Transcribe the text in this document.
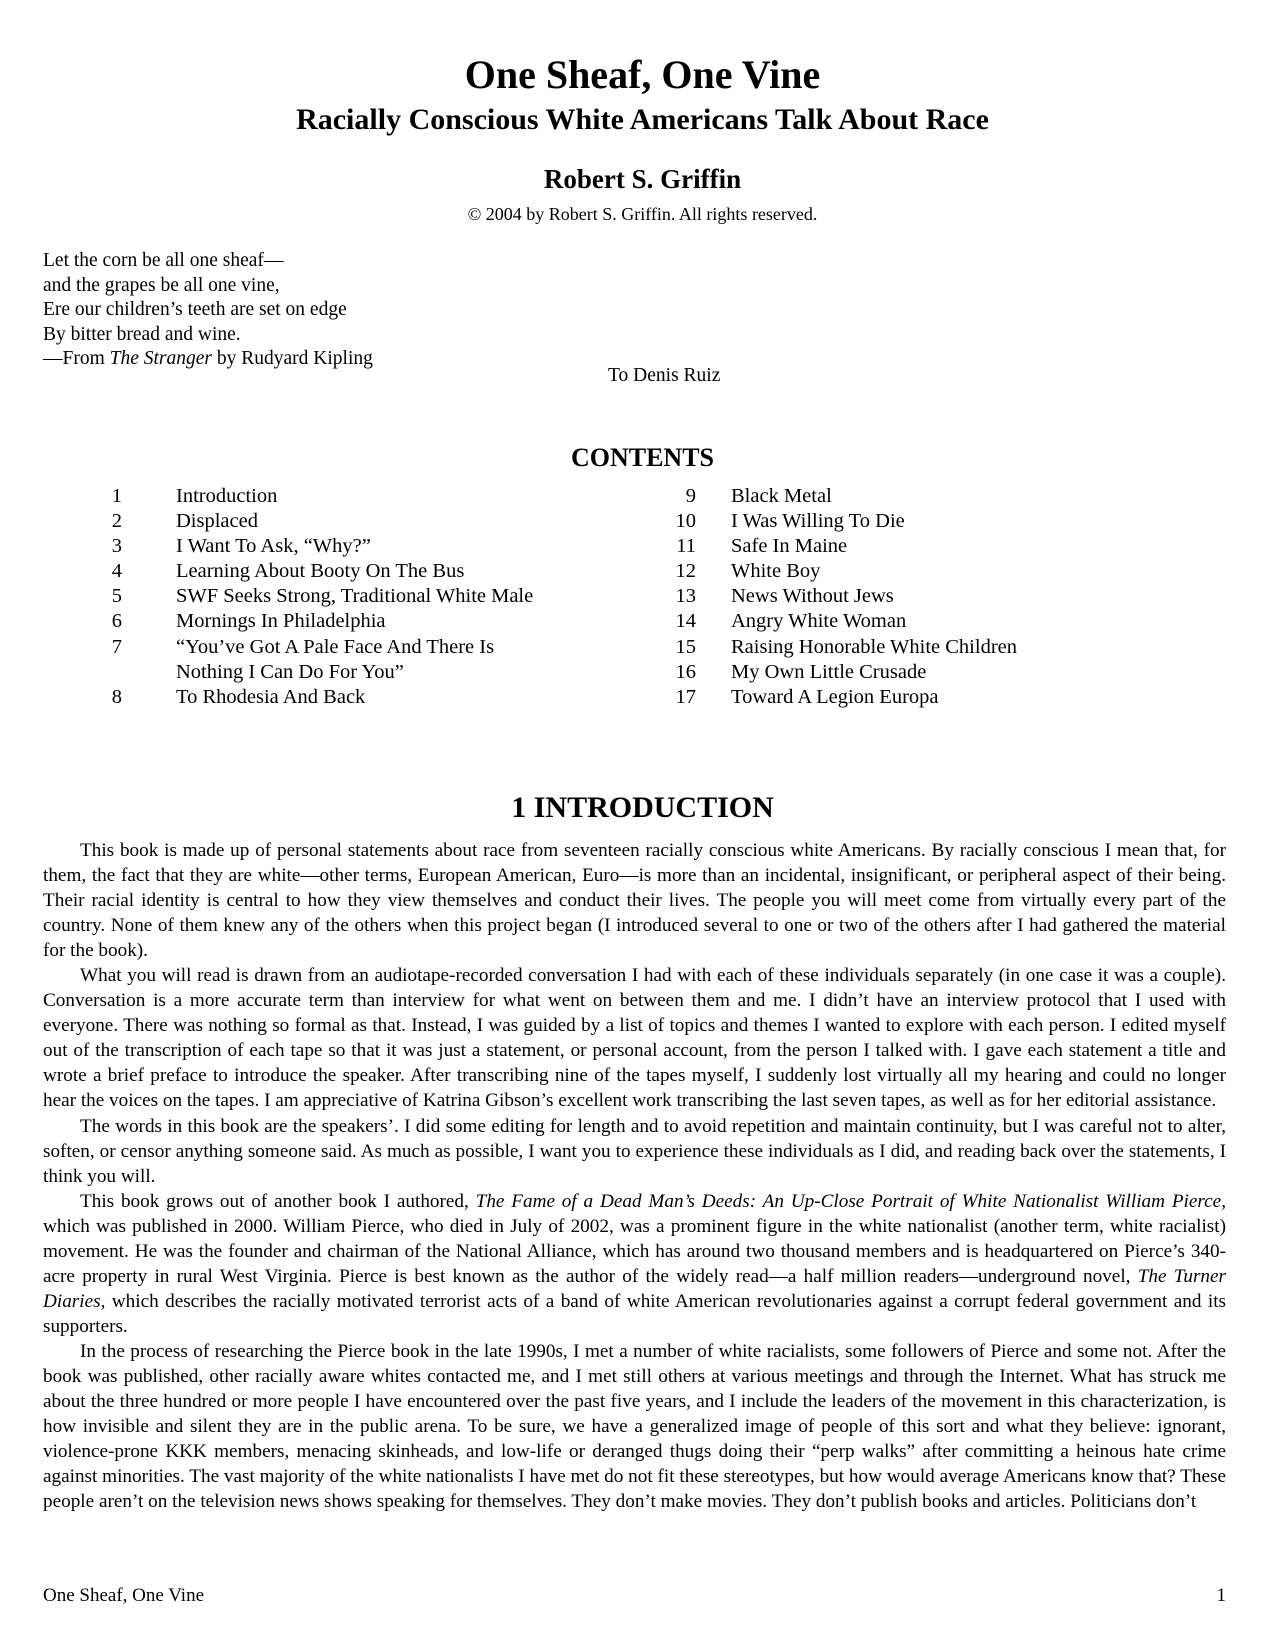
One Sheaf, One Vine
Racially Conscious White Americans Talk About Race
Robert S. Griffin
© 2004 by Robert S. Griffin. All rights reserved.
Let the corn be all one sheaf—
and the grapes be all one vine,
Ere our children’s teeth are set on edge
By bitter bread and wine.
—From The Stranger by Rudyard Kipling
To Denis Ruiz
CONTENTS
1	Introduction
2	Displaced
3	I Want To Ask, “Why?”
4	Learning About Booty On The Bus
5	SWF Seeks Strong, Traditional White Male
6	Mornings In Philadelphia
7	“You’ve Got A Pale Face And There Is
Nothing I Can Do For You”
8	To Rhodesia And Back
9 Black Metal
10 I Was Willing To Die
11 Safe In Maine
12 White Boy
13 News Without Jews
14 Angry White Woman
15 Raising Honorable White Children
16 My Own Little Crusade
17 Toward A Legion Europa
1 INTRODUCTION

This book is made up of personal statements about race from seventeen racially conscious white Americans. By racially conscious I mean that, for them, the fact that they are white—other terms, European American, Euro—is more than an incidental, insignificant, or peripheral aspect of their being. Their racial identity is central to how they view themselves and conduct their lives. The people you will meet come from virtually every part of the country. None of them knew any of the others when this project began (I introduced several to one or two of the others after I had gathered the material for the book).

What you will read is drawn from an audiotape-recorded conversation I had with each of these individuals separately (in one case it was a couple). Conversation is a more accurate term than interview for what went on between them and me. I didn’t have an interview protocol that I used with everyone. There was nothing so formal as that. Instead, I was guided by a list of topics and themes I wanted to explore with each person. I edited myself out of the transcription of each tape so that it was just a statement, or personal account, from the person I talked with. I gave each statement a title and wrote a brief preface to introduce the speaker. After transcribing nine of the tapes myself, I suddenly lost virtually all my hearing and could no longer hear the voices on the tapes. I am appreciative of Katrina Gibson’s excellent work transcribing the last seven tapes, as well as for her editorial assistance.

The words in this book are the speakers’. I did some editing for length and to avoid repetition and maintain continuity, but I was careful not to alter, soften, or censor anything someone said. As much as possible, I want you to experience these individuals as I did, and reading back over the statements, I think you will.

This book grows out of another book I authored, The Fame of a Dead Man’s Deeds: An Up-Close Portrait of White Nationalist William Pierce, which was published in 2000. William Pierce, who died in July of 2002, was a prominent figure in the white nationalist (another term, white racialist) movement. He was the founder and chairman of the National Alliance, which has around two thousand members and is headquartered on Pierce’s 340-acre property in rural West Virginia. Pierce is best known as the author of the widely read—a half million readers—underground novel, The Turner Diaries, which describes the racially motivated terrorist acts of a band of white American revolutionaries against a corrupt federal government and its supporters.

In the process of researching the Pierce book in the late 1990s, I met a number of white racialists, some followers of Pierce and some not. After the book was published, other racially aware whites contacted me, and I met still others at various meetings and through the Internet. What has struck me about the three hundred or more people I have encountered over the past five years, and I include the leaders of the movement in this characterization, is how invisible and silent they are in the public arena. To be sure, we have a generalized image of people of this sort and what they believe: ignorant, violence-prone KKK members, menacing skinheads, and low-life or deranged thugs doing their “perp walks” after committing a heinous hate crime against minorities. The vast majority of the white nationalists I have met do not fit these stereotypes, but how would average Americans know that? These people aren’t on the television news shows speaking for themselves. They don’t make movies. They don’t publish books and articles. Politicians don’t

One Sheaf, One Vine	1
